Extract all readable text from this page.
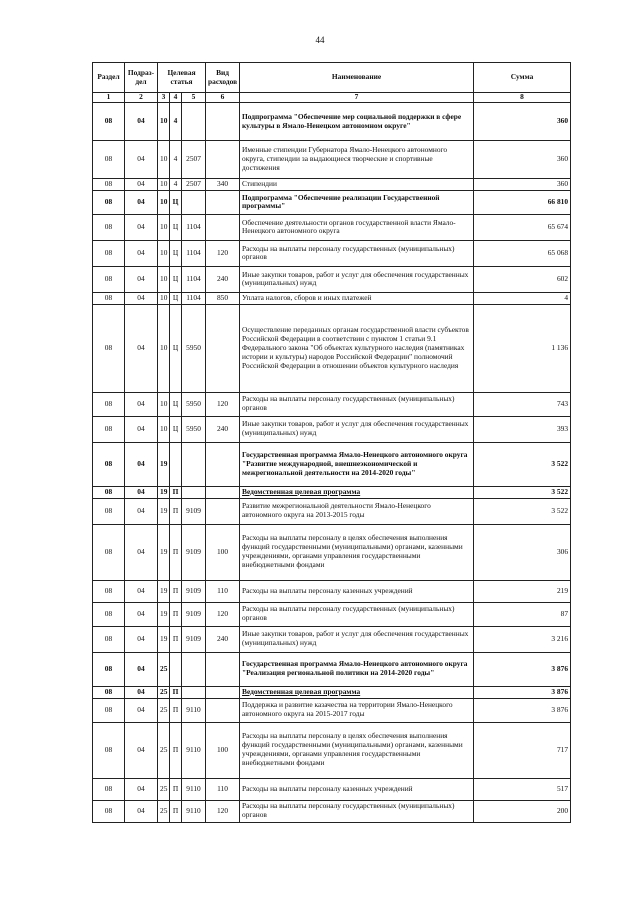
44
Раздел	Подраз-дел	Целевая статья			Вид расходов	Наименование	Сумма
1	2	3	4	5	6	7	8
08	04	10	4			Подпрограмма "Обеспечение мер социальной поддержки в сфере культуры в Ямало-Ненецком автономном округе"	360
08	04	10	4	2507		Именные стипендии Губернатора Ямало-Ненецкого автономного округа, стипендии за выдающиеся творческие и спортивные достижения	360
08	04	10	4	2507	340	Стипендии	360
08	04	10	Ц			Подпрограмма "Обеспечение реализации Государственной программы"	66 810
08	04	10	Ц	1104		Обеспечение деятельности органов государственной власти Ямало-Ненецкого автономного округа	65 674
08	04	10	Ц	1104	120	Расходы на выплаты персоналу государственных (муниципальных) органов	65 068
08	04	10	Ц	1104	240	Иные закупки товаров, работ и услуг для обеспечения государственных (муниципальных) нужд	602
08	04	10	Ц	1104	850	Уплата налогов, сборов и иных платежей	4
08	04	10	Ц	5950		Осуществление переданных органам государственной власти субъектов Российской Федерации в соответствии с пунктом 1 статьи 9.1 Федерального закона "Об объектах культурного наследия (памятниках истории и культуры) народов Российской Федерации" полномочий Российской Федерации в отношении объектов культурного наследия	1 136
08	04	10	Ц	5950	120	Расходы на выплаты персоналу государственных (муниципальных) органов	743
08	04	10	Ц	5950	240	Иные закупки товаров, работ и услуг для обеспечения государственных (муниципальных) нужд	393
08	04	19				Государственная программа Ямало-Ненецкого автономного округа "Развитие международной, внешнеэкономической и межрегиональной деятельности на 2014-2020 годы"	3 522
08	04	19	П			Ведомственная целевая программа	3 522
08	04	19	П	9109		Развитие межрегиональной деятельности Ямало-Ненецкого автономного округа на 2013-2015 годы	3 522
08	04	19	П	9109	100	Расходы на выплаты персоналу в целях обеспечения выполнения функций государственными (муниципальными) органами, казенными учреждениями, органами управления государственными внебюджетными фондами	306
08	04	19	П	9109	110	Расходы на выплаты персоналу казенных учреждений	219
08	04	19	П	9109	120	Расходы на выплаты персоналу государственных (муниципальных) органов	87
08	04	19	П	9109	240	Иные закупки товаров, работ и услуг для обеспечения государственных (муниципальных) нужд	3 216
08	04	25				Государственная программа Ямало-Ненецкого автономного округа "Реализация региональной политики на 2014-2020 годы"	3 876
08	04	25	П			Ведомственная целевая программа	3 876
08	04	25	П	9110		Поддержка и развитие казачества на территории Ямало-Ненецкого автономного округа на 2015-2017 годы	3 876
08	04	25	П	9110	100	Расходы на выплаты персоналу в целях обеспечения выполнения функций государственными (муниципальными) органами, казенными учреждениями, органами управления государственными внебюджетными фондами	717
08	04	25	П	9110	110	Расходы на выплаты персоналу казенных учреждений	517
08	04	25	П	9110	120	Расходы на выплаты персоналу государственных (муниципальных) органов	200
